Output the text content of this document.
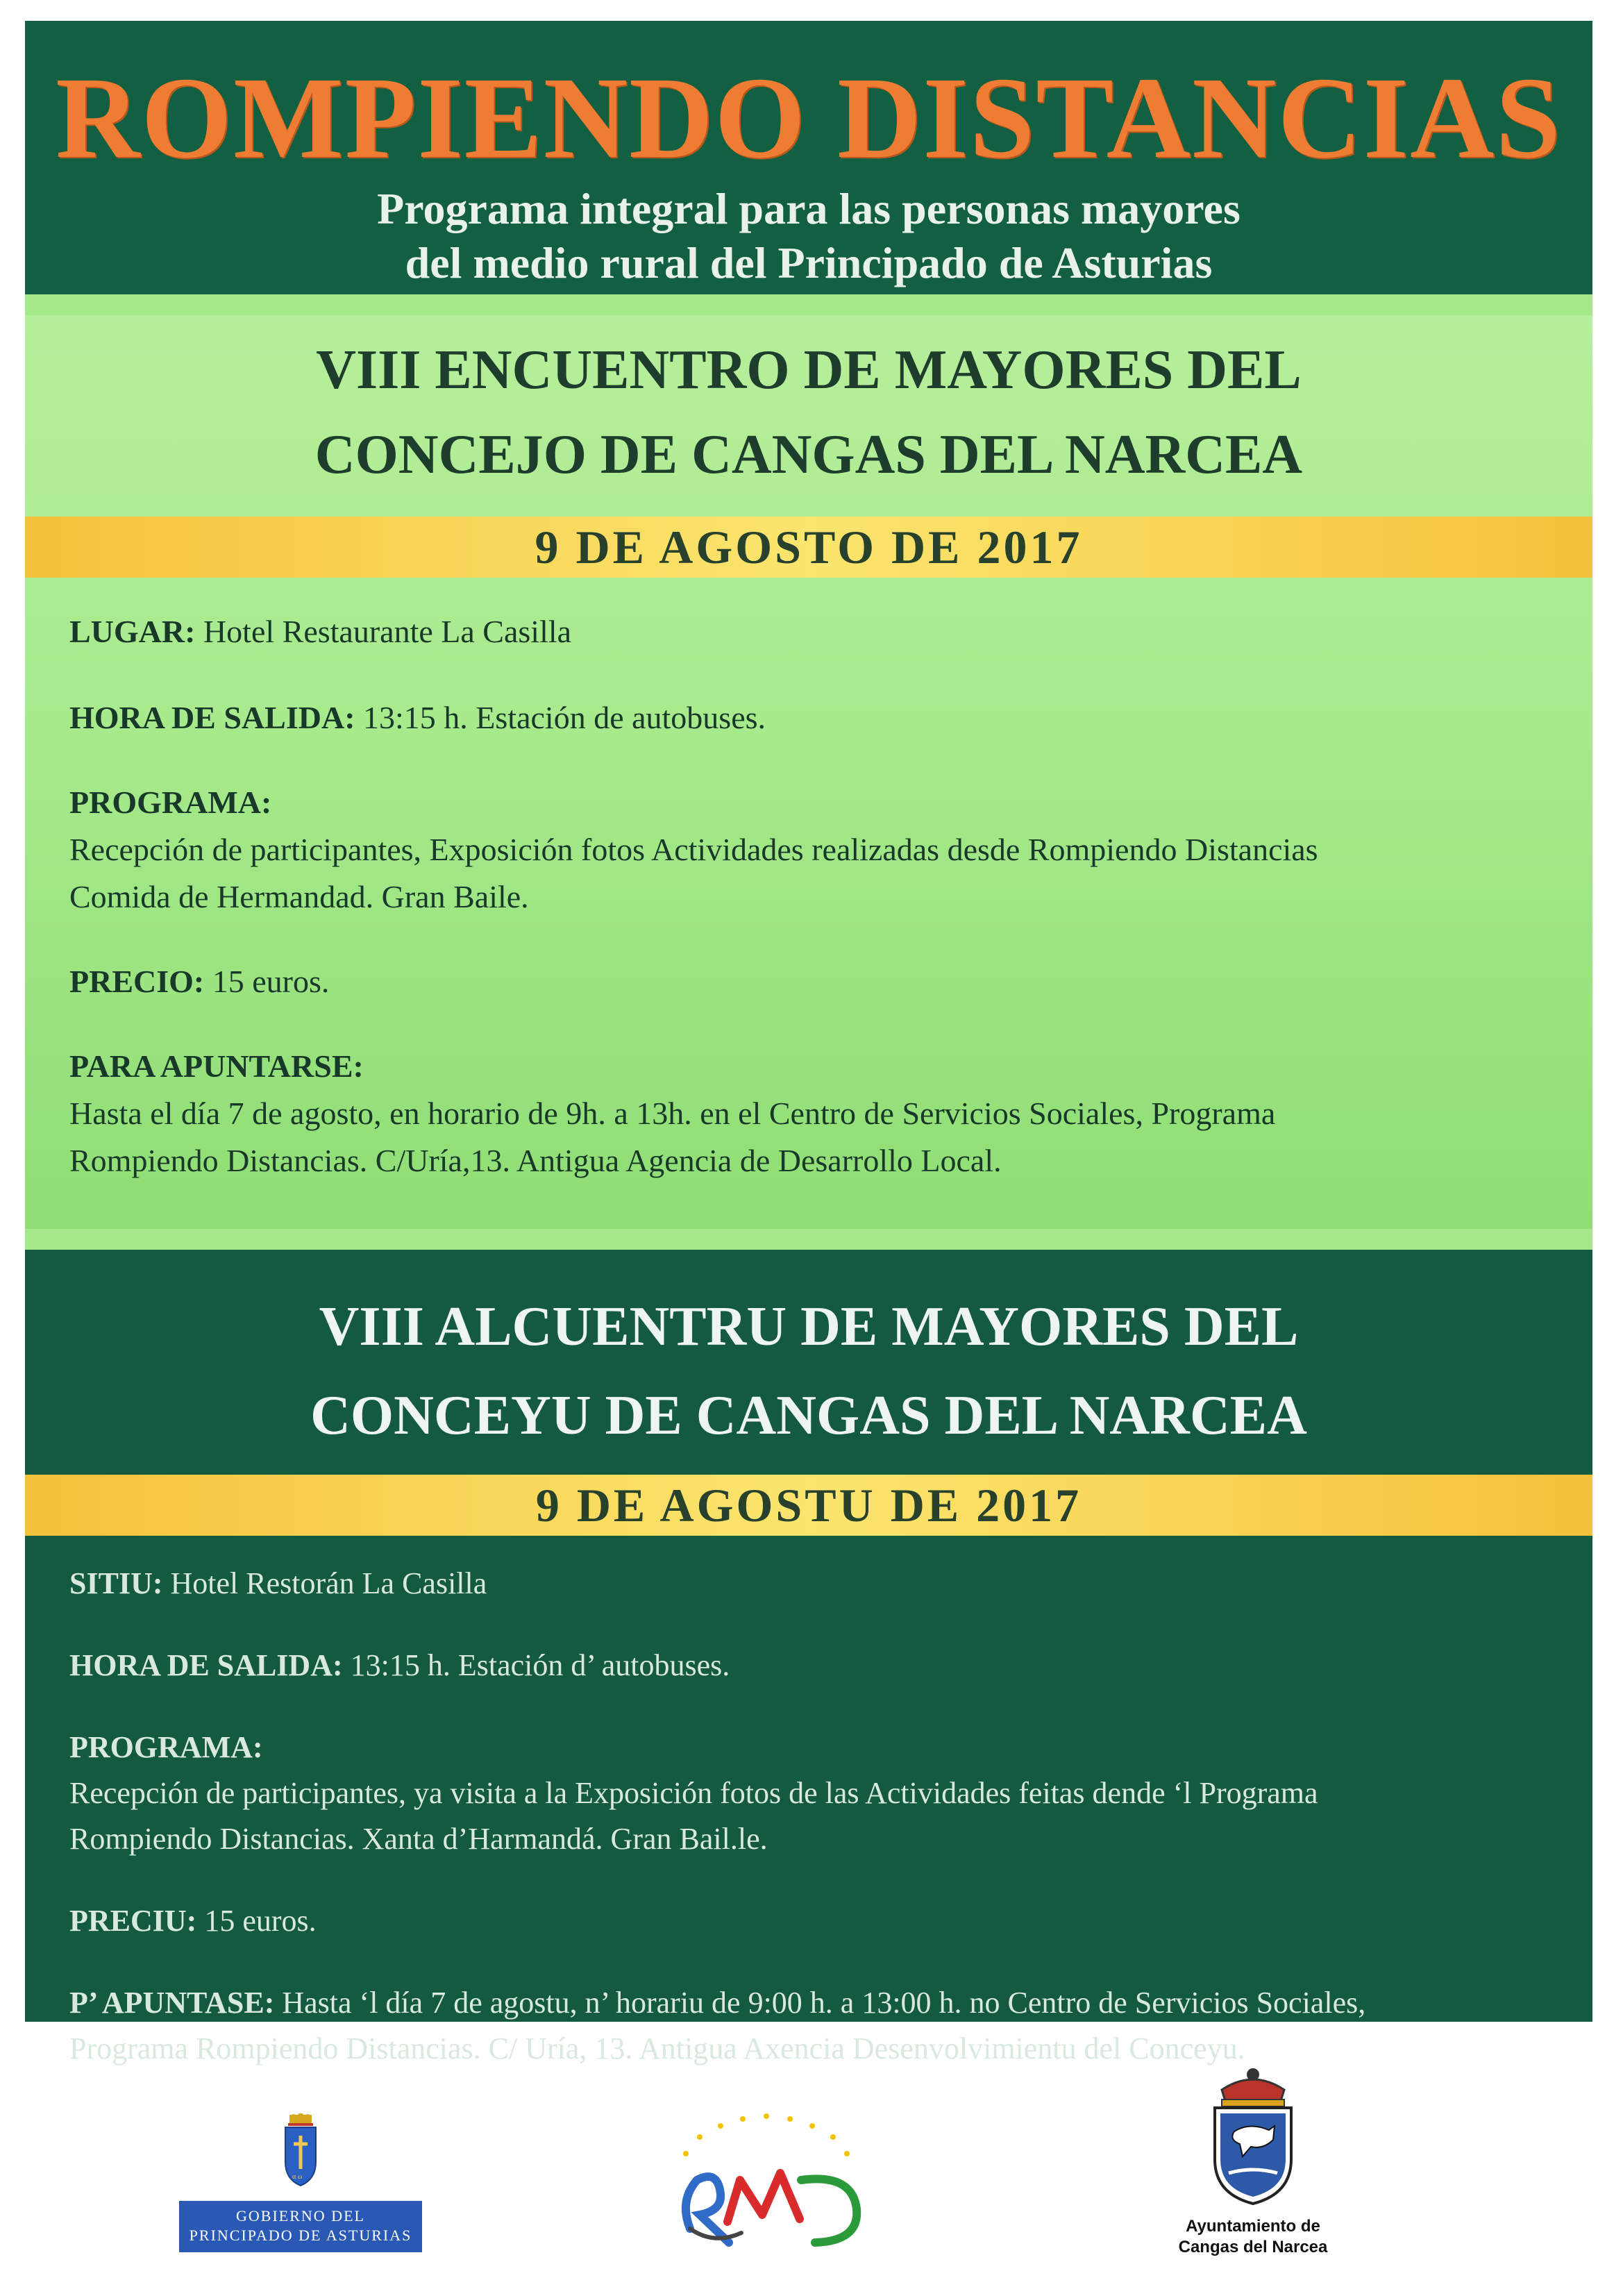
ROMPIENDO DISTANCIAS
Programa integral para las personas mayores
del medio rural del Principado de Asturias
VIII ENCUENTRO DE MAYORES DEL
CONCEJO DE CANGAS DEL NARCEA
9 DE AGOSTO DE 2017

LUGAR: Hotel Restaurante La Casilla

HORA DE SALIDA: 13:15 h. Estación de autobuses.

PROGRAMA:

Recepción de participantes, Exposición fotos Actividades realizadas desde Rompiendo Distancias

Comida de Hermandad. Gran Baile.

PRECIO: 15 euros.

PARA APUNTARSE:

Hasta el día 7 de agosto, en horario de 9h. a 13h. en el Centro de Servicios Sociales, Programa

Rompiendo Distancias. C/Uría,13. Antigua Agencia de Desarrollo Local.

VIII ALCUENTRU DE MAYORES DEL
CONCEYU DE CANGAS DEL NARCEA
9 DE AGOSTU DE 2017

SITIU: Hotel Restorán La Casilla

HORA DE SALIDA: 13:15 h. Estación d’ autobuses.

PROGRAMA:

Recepción de participantes, ya visita a la Exposición fotos de las Actividades feitas dende ‘l Programa

Rompiendo Distancias. Xanta d’Harmandá. Gran Bail.le.

PRECIU: 15 euros.

P’ APUNTASE: Hasta ‘l día 7 de agostu, n’ horariu de 9:00 h. a 13:00 h. no Centro de Servicios Sociales,

Programa Rompiendo Distancias. C/ Uría, 13. Antigua Axencia Desenvolvimientu del Conceyu.

α ω
GOBIERNO DEL
PRINCIPADO DE ASTURIAS	Ayuntamiento de
Cangas del Narcea
